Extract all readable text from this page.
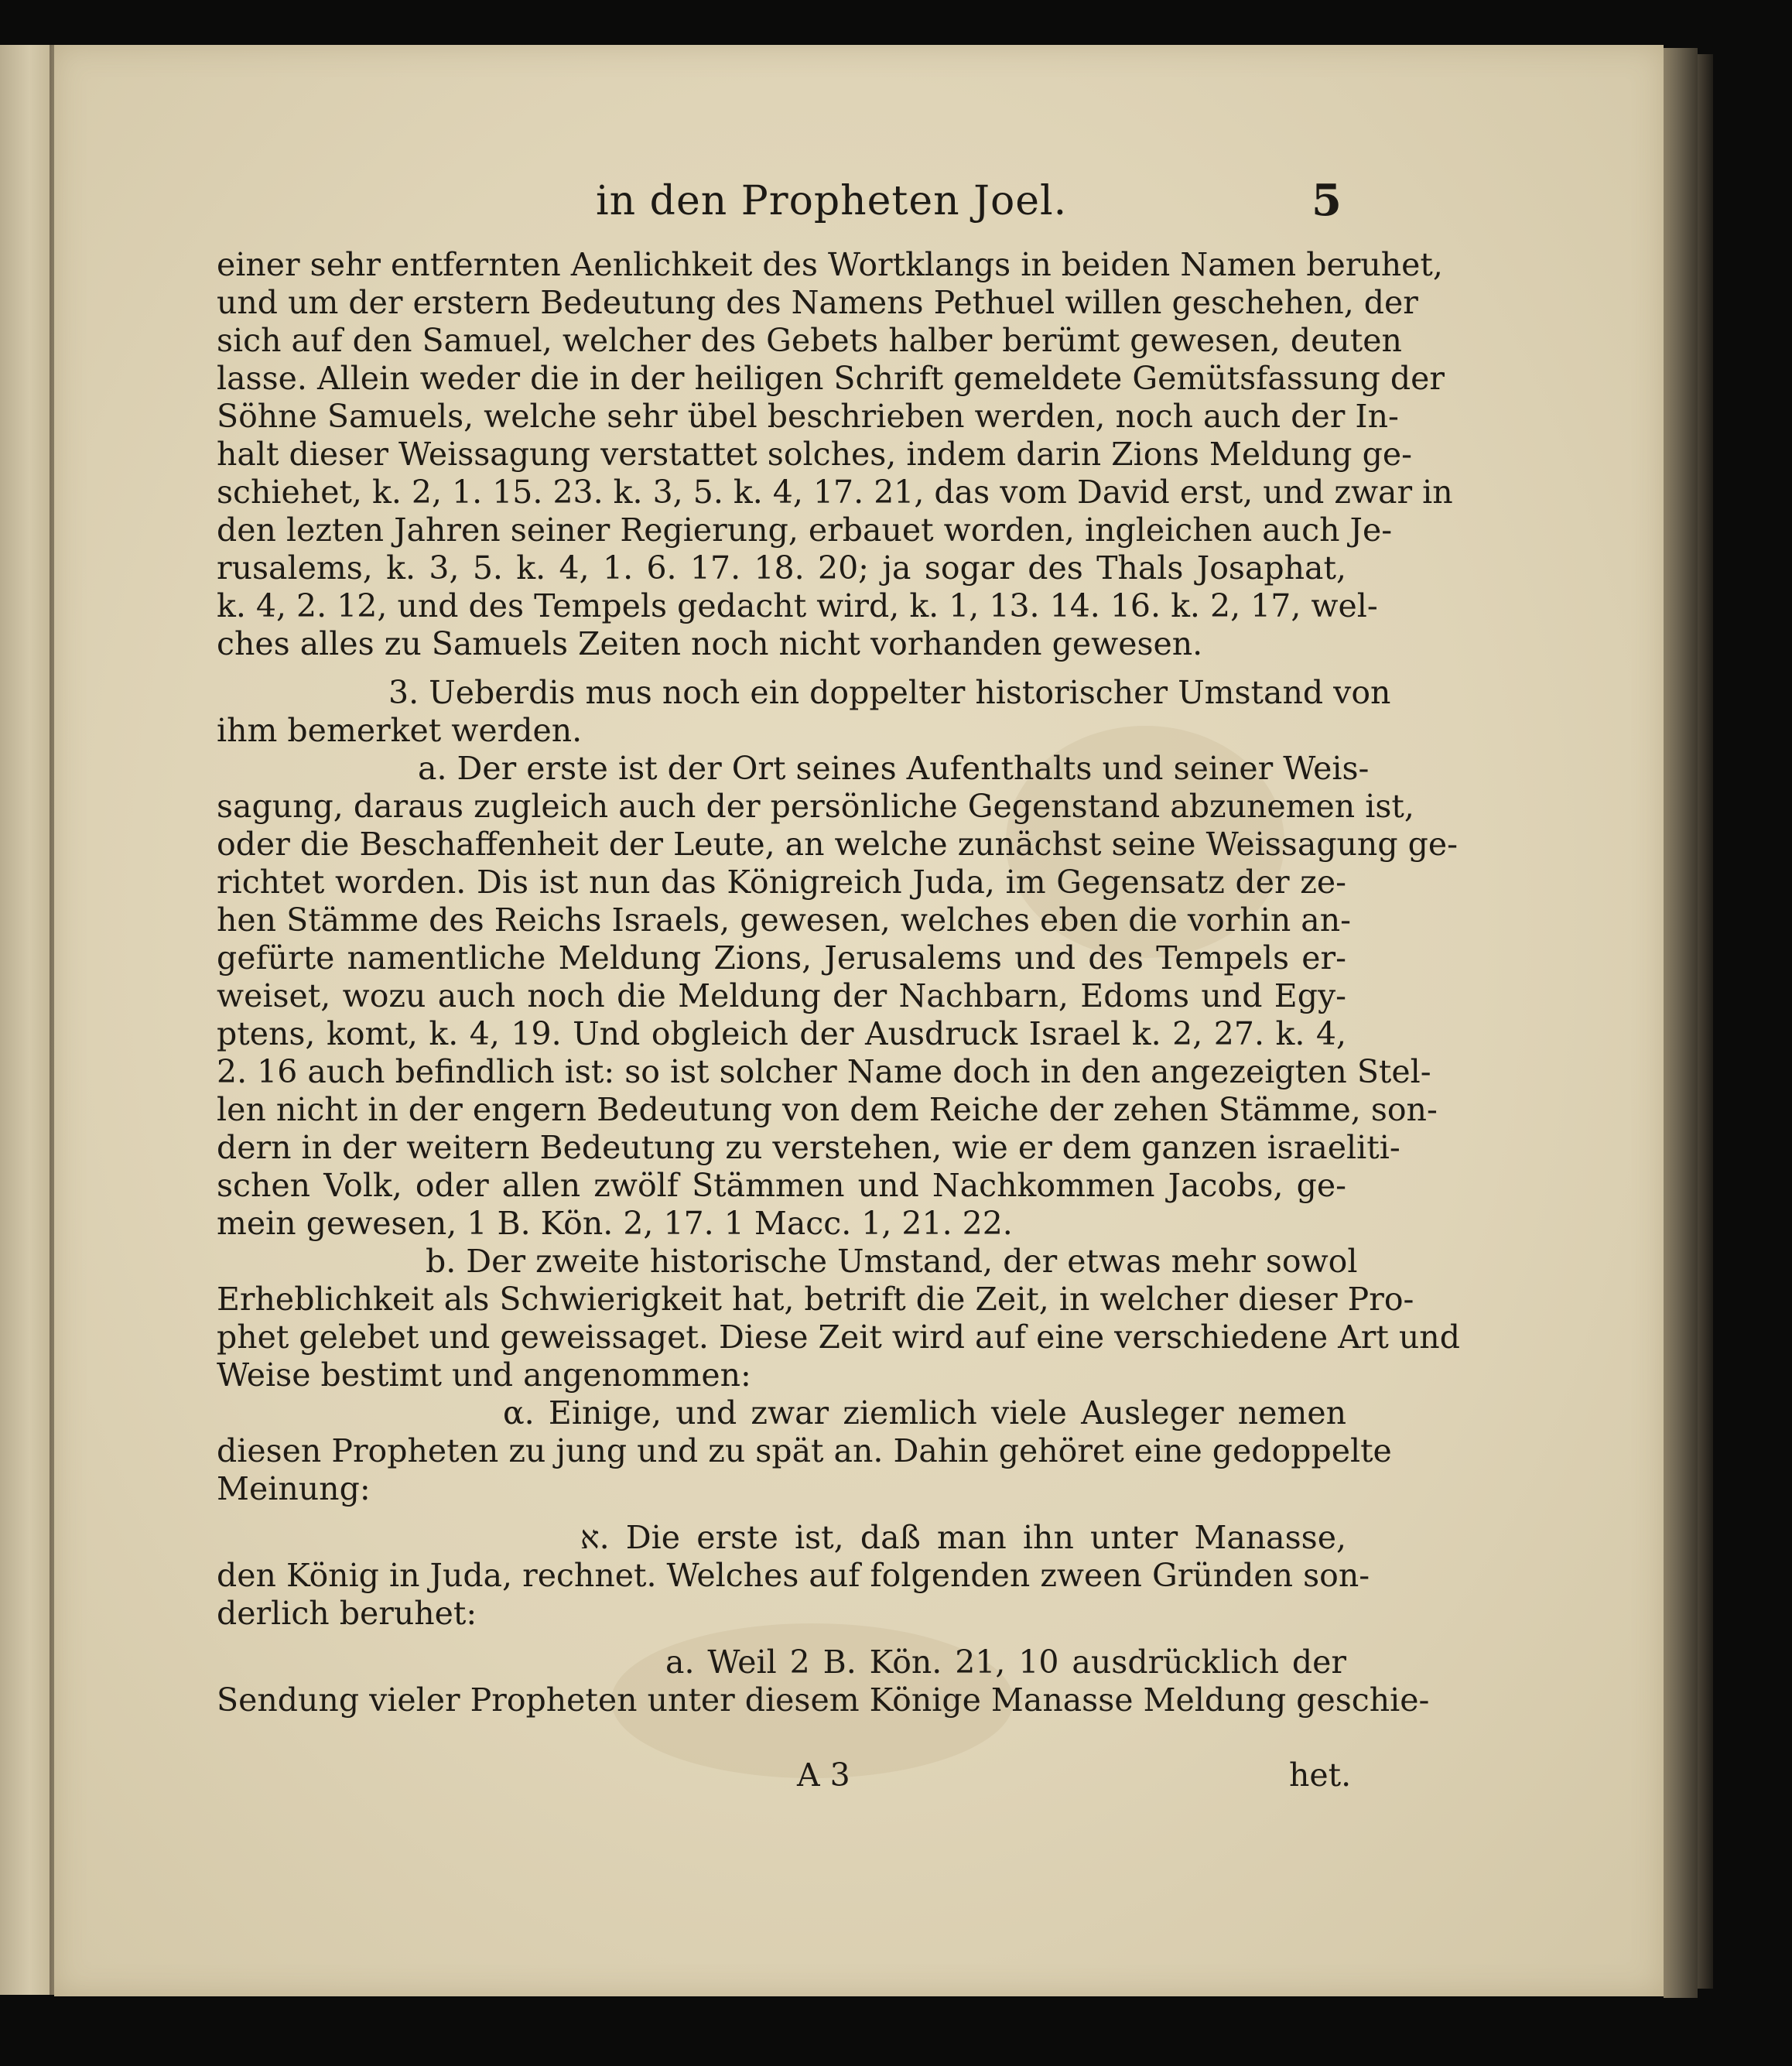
in den Propheten Joel.	5
einer sehr entfernten Aenlichkeit des Wortklangs in beiden Namen beruhet,
und um der erstern Bedeutung des Namens Pethuel willen geschehen, der
sich auf den Samuel, welcher des Gebets halber berümt gewesen, deuten
lasse. Allein weder die in der heiligen Schrift gemeldete Gemütsfassung der
Söhne Samuels, welche sehr übel beschrieben werden, noch auch der In-
halt dieser Weissagung verstattet solches, indem darin Zions Meldung ge-
schiehet, k. 2, 1. 15. 23. k. 3, 5. k. 4, 17. 21, das vom David erst, und zwar in
den lezten Jahren seiner Regierung, erbauet worden, ingleichen auch Je-
rusalems, k. 3, 5. k. 4, 1. 6. 17. 18. 20; ja sogar des Thals Josaphat,
k. 4, 2. 12, und des Tempels gedacht wird, k. 1, 13. 14. 16. k. 2, 17, wel-
ches alles zu Samuels Zeiten noch nicht vorhanden gewesen.
3. Ueberdis mus noch ein doppelter historischer Umstand von
ihm bemerket werden.
a. Der erste ist der Ort seines Aufenthalts und seiner Weis-
sagung, daraus zugleich auch der persönliche Gegenstand abzunemen ist,
oder die Beschaffenheit der Leute, an welche zunächst seine Weissagung ge-
richtet worden. Dis ist nun das Königreich Juda, im Gegensatz der ze-
hen Stämme des Reichs Israels, gewesen, welches eben die vorhin an-
gefürte namentliche Meldung Zions, Jerusalems und des Tempels er-
weiset, wozu auch noch die Meldung der Nachbarn, Edoms und Egy-
ptens, komt, k. 4, 19. Und obgleich der Ausdruck Israel k. 2, 27. k. 4,
2. 16 auch befindlich ist: so ist solcher Name doch in den angezeigten Stel-
len nicht in der engern Bedeutung von dem Reiche der zehen Stämme, son-
dern in der weitern Bedeutung zu verstehen, wie er dem ganzen israeliti-
schen Volk, oder allen zwölf Stämmen und Nachkommen Jacobs, ge-
mein gewesen, 1 B. Kön. 2, 17. 1 Macc. 1, 21. 22.
b. Der zweite historische Umstand, der etwas mehr sowol
Erheblichkeit als Schwierigkeit hat, betrift die Zeit, in welcher dieser Pro-
phet gelebet und geweissaget. Diese Zeit wird auf eine verschiedene Art und
Weise bestimt und angenommen:
α. Einige, und zwar ziemlich viele Ausleger nemen
diesen Propheten zu jung und zu spät an. Dahin gehöret eine gedoppelte
Meinung:
א. Die erste ist, daß man ihn unter Manasse,
den König in Juda, rechnet. Welches auf folgenden zween Gründen son-
derlich beruhet:
a. Weil 2 B. Kön. 21, 10 ausdrücklich der
Sendung vieler Propheten unter diesem Könige Manasse Meldung geschie-
A 3	het.
